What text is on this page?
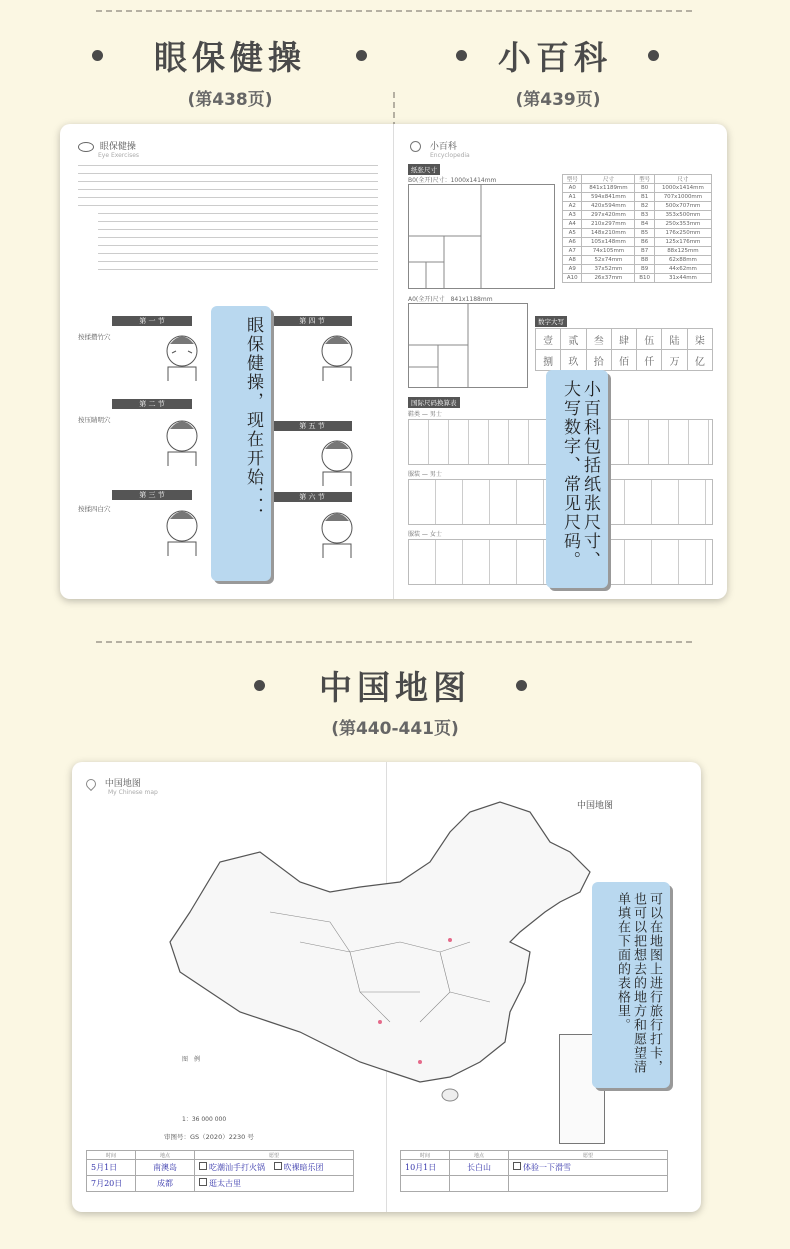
眼保健操
(第438页)
小百科
(第439页)
眼保健操
Eye Exercises
第 一 节
第 二 节
第 三 节
第 四 节
第 五 节
第 六 节
按揉攒竹穴
按压睛明穴
按揉四白穴	眼保健操，现在开始．．．
小百科
Encyclopedia
纸张尺寸
B0(全开)尺寸：1000x1414mm
A0(全开)尺寸　841x1188mm
型号	尺寸	型号	尺寸
A0	841x1189mm	B0	1000x1414mm
A1	594x841mm	B1	707x1000mm
A2	420x594mm	B2	500x707mm
A3	297x420mm	B3	353x500mm
A4	210x297mm	B4	250x353mm
A5	148x210mm	B5	176x250mm
A6	105x148mm	B6	125x176mm
A7	74x105mm	B7	88x125mm
A8	52x74mm	B8	62x88mm
A9	37x52mm	B9	44x62mm
A10	26x37mm	B10	31x44mm
数字大写
壹	贰	叁	肆	伍	陆	柒
捌	玖	拾	佰	仟	万	亿
国际尺码换算表
鞋类 — 男士
服装 — 男士
服装 — 女士	小百科包括纸张尺寸、大写数字、常见尺码。
中国地图
(第440-441页)
中国地图
My Chinese map
中国地图
图　例
1：36 000 000
审图号：GS（2020）2230 号
可以在地图上进行旅行打卡，也可以把想去的地方和愿望清单填在下面的表格里。
时间	地点	愿望
5月1日	南澳岛	吃潮汕手打火锅 吹裸暗乐团
7月20日	成都	逛太古里
时间	地点	愿望
10月1日	长白山	体验一下滑雪
